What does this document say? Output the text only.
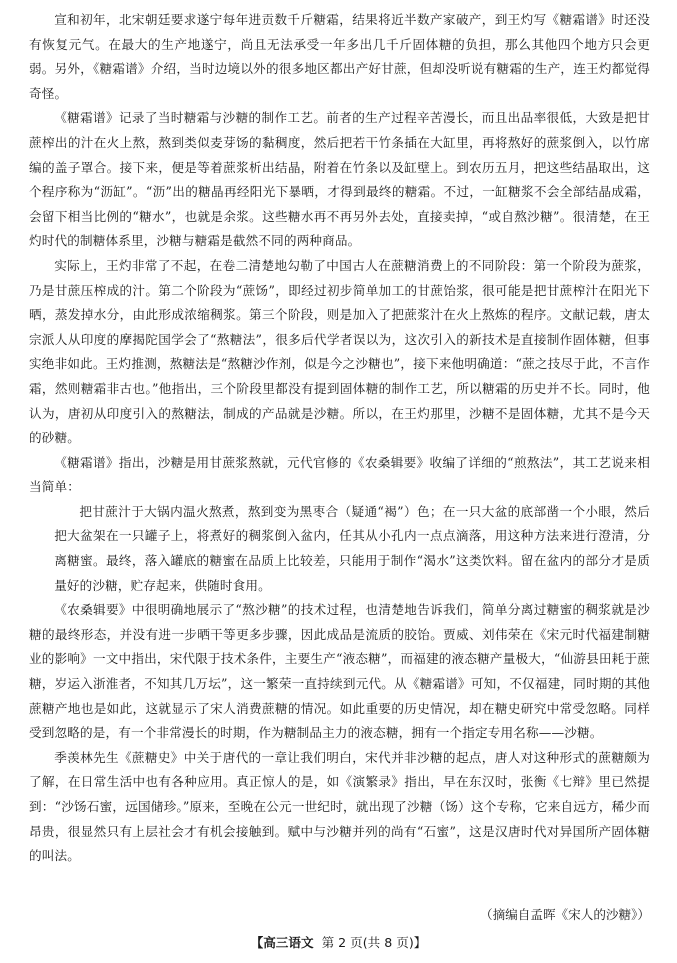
宣和初年，北宋朝廷要求遂宁每年进贡数千斤糖霜，结果将近半数产家破产，到王灼写《糖霜谱》时还没有恢复元气。在最大的生产地遂宁，尚且无法承受一年多出几千斤固体糖的负担，那么其他四个地方只会更弱。另外，《糖霜谱》介绍，当时边境以外的很多地区都出产好甘蔗，但却没听说有糖霜的生产，连王灼都觉得奇怪。

《糖霜谱》记录了当时糖霜与沙糖的制作工艺。前者的生产过程辛苦漫长，而且出品率很低，大致是把甘蔗榨出的汁在火上熬，熬到类似麦芽饧的黏稠度，然后把若干竹条插在大缸里，再将熬好的蔗浆倒入，以竹席编的盖子罩合。接下来，便是等着蔗浆析出结晶，附着在竹条以及缸壁上。到农历五月，把这些结晶取出，这个程序称为“沥缸”。“沥”出的糖晶再经阳光下暴晒，才得到最终的糖霜。不过，一缸糖浆不会全部结晶成霜，会留下相当比例的“糖水”，也就是余浆。这些糖水再不再另外去处，直接卖掉，“或自熬沙糖”。很清楚，在王灼时代的制糖体系里，沙糖与糖霜是截然不同的两种商品。

实际上，王灼非常了不起，在卷二清楚地勾勒了中国古人在蔗糖消费上的不同阶段：第一个阶段为蔗浆，乃是甘蔗压榨成的汁。第二个阶段为“蔗饧”，即经过初步简单加工的甘蔗饴浆，很可能是把甘蔗榨汁在阳光下晒，蒸发掉水分，由此形成浓缩稠浆。第三个阶段，则是加入了把蔗浆汁在火上熬炼的程序。文献记载，唐太宗派人从印度的摩揭陀国学会了“熬糖法”，很多后代学者误以为，这次引入的新技术是直接制作固体糖，但事实绝非如此。王灼推测，熬糖法是“熬糖沙作剂，似是今之沙糖也”，接下来他明确道：“蔗之技尽于此，不言作霜，然则糖霜非古也。”他指出，三个阶段里都没有提到固体糖的制作工艺，所以糖霜的历史并不长。同时，他认为，唐初从印度引入的熬糖法，制成的产品就是沙糖。所以，在王灼那里，沙糖不是固体糖，尤其不是今天的砂糖。

《糖霜谱》指出，沙糖是用甘蔗浆熬就，元代官修的《农桑辑要》收编了详细的“煎熬法”，其工艺说来相当简单：

把甘蔗汁于大锅内温火熬煮，熬到变为黑枣合（疑通“褐”）色；在一只大盆的底部凿一个小眼，然后把大盆架在一只罐子上，将煮好的稠浆倒入盆内，任其从小孔内一点点滴落，用这种方法来进行澄清，分离糖蜜。最终，落入罐底的糖蜜在品质上比较差，只能用于制作“渴水”这类饮料。留在盆内的部分才是质量好的沙糖，贮存起来，供随时食用。

《农桑辑要》中很明确地展示了“熬沙糖”的技术过程，也清楚地告诉我们，简单分离过糖蜜的稠浆就是沙糖的最终形态，并没有进一步晒干等更多步骤，因此成品是流质的胶饴。贾威、刘伟荣在《宋元时代福建制糖业的影响》一文中指出，宋代限于技术条件，主要生产“液态糖”，而福建的液态糖产量极大，“仙游县田耗于蔗糖，岁运入浙淮者，不知其几万坛”，这一繁荣一直持续到元代。从《糖霜谱》可知，不仅福建，同时期的其他蔗糖产地也是如此，这就显示了宋人消费蔗糖的情况。如此重要的历史情况，却在糖史研究中常受忽略。同样受到忽略的是，有一个非常漫长的时期，作为糖制品主力的液态糖，拥有一个指定专用名称——沙糖。

季羡林先生《蔗糖史》中关于唐代的一章让我们明白，宋代并非沙糖的起点，唐人对这种形式的蔗糖颇为了解，在日常生活中也有各种应用。真正惊人的是，如《演繁录》指出，早在东汉时，张衡《七辩》里已然提到：“沙饧石蜜，远国储珍。”原来，至晚在公元一世纪时，就出现了沙糖（饧）这个专称，它来自远方，稀少而昂贵，很显然只有上层社会才有机会接触到。赋中与沙糖并列的尚有“石蜜”，这是汉唐时代对异国所产固体糖的叫法。

（摘编自孟晖《宋人的沙糖》）
【高三语文 第 2 页(共 8 页)】
